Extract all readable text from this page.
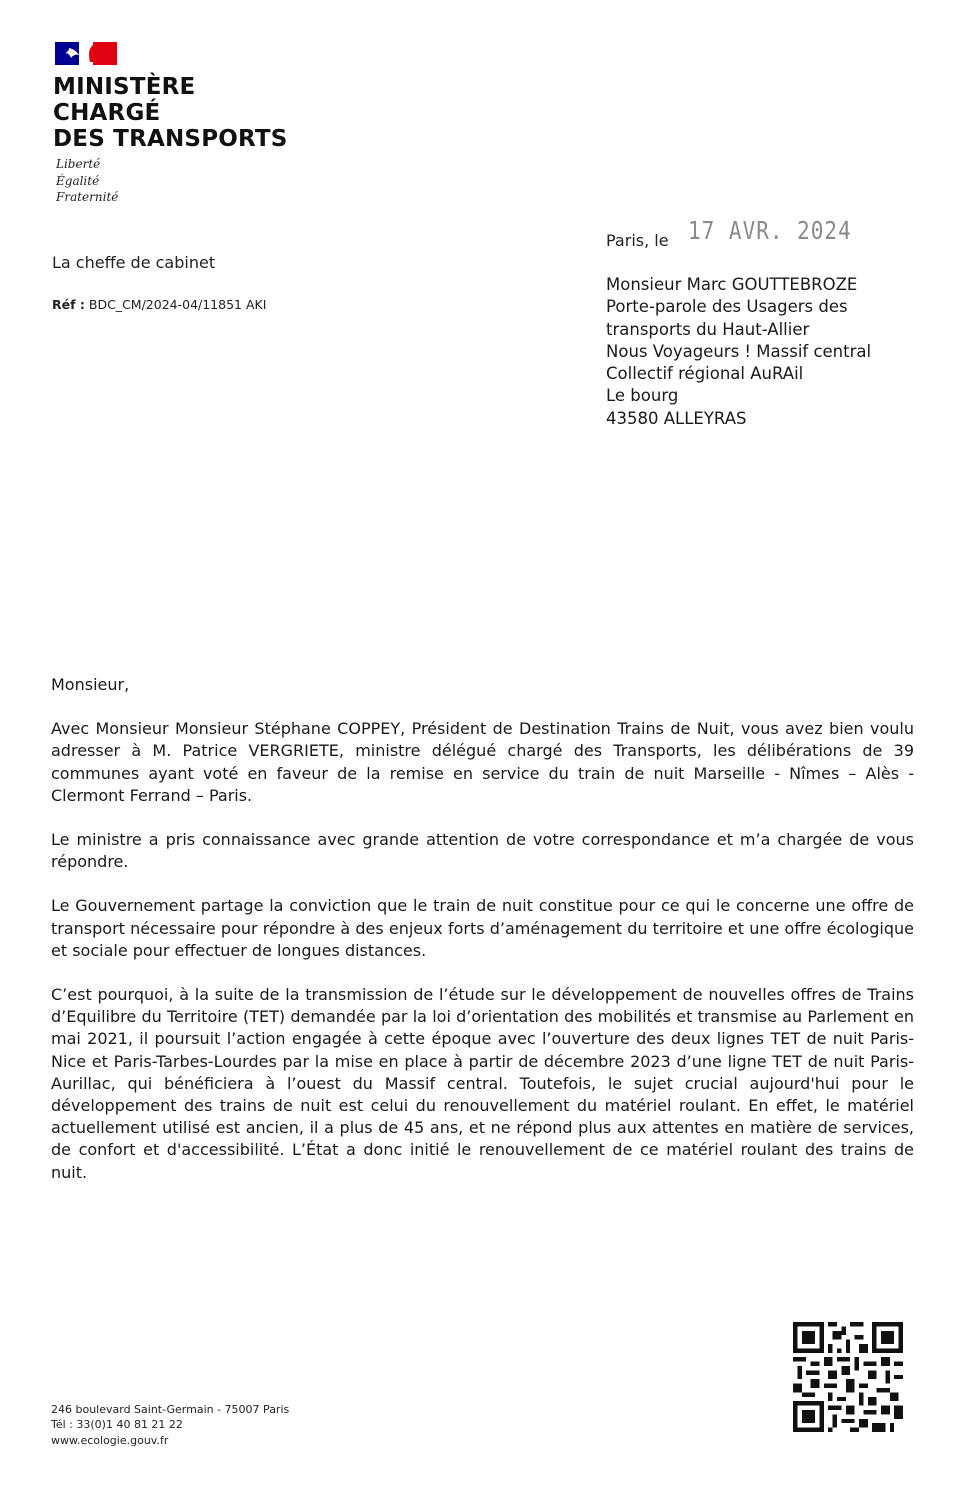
MINISTÈRE
CHARGÉ
DES TRANSPORTS
Liberté
Égalité
Fraternité
La cheffe de cabinet
Réf : BDC_CM/2024-04/11851 AKI
Paris, le 17 AVR. 2024
Monsieur Marc GOUTTEBROZE
Porte-parole des Usagers des
transports du Haut-Allier
Nous Voyageurs ! Massif central
Collectif régional AuRAil
Le bourg
43580 ALLEYRAS

Monsieur,

Avec Monsieur Monsieur Stéphane COPPEY, Président de Destination Trains de Nuit, vous avez bien voulu adresser à M. Patrice VERGRIETE, ministre délégué chargé des Transports, les délibérations de 39 communes ayant voté en faveur de la remise en service du train de nuit Marseille - Nîmes – Alès - Clermont Ferrand – Paris.

Le ministre a pris connaissance avec grande attention de votre correspondance et m’a chargée de vous répondre.

Le Gouvernement partage la conviction que le train de nuit constitue pour ce qui le concerne une offre de transport nécessaire pour répondre à des enjeux forts d’aménagement du territoire et une offre écologique et sociale pour effectuer de longues distances.

C’est pourquoi, à la suite de la transmission de l’étude sur le développement de nouvelles offres de Trains d’Equilibre du Territoire (TET) demandée par la loi d’orientation des mobilités et transmise au Parlement en mai 2021, il poursuit l’action engagée à cette époque avec l’ouverture des deux lignes TET de nuit Paris-Nice et Paris-Tarbes-Lourdes par la mise en place à partir de décembre 2023 d’une ligne TET de nuit Paris-Aurillac, qui bénéficiera à l’ouest du Massif central. Toutefois, le sujet crucial aujourd'hui pour le développement des trains de nuit est celui du renouvellement du matériel roulant. En effet, le matériel actuellement utilisé est ancien, il a plus de 45 ans, et ne répond plus aux attentes en matière de services, de confort et d'accessibilité. L’État a donc initié le renouvellement de ce matériel roulant des trains de nuit.

246 boulevard Saint-Germain - 75007 Paris
Tél : 33(0)1 40 81 21 22
www.ecologie.gouv.fr
